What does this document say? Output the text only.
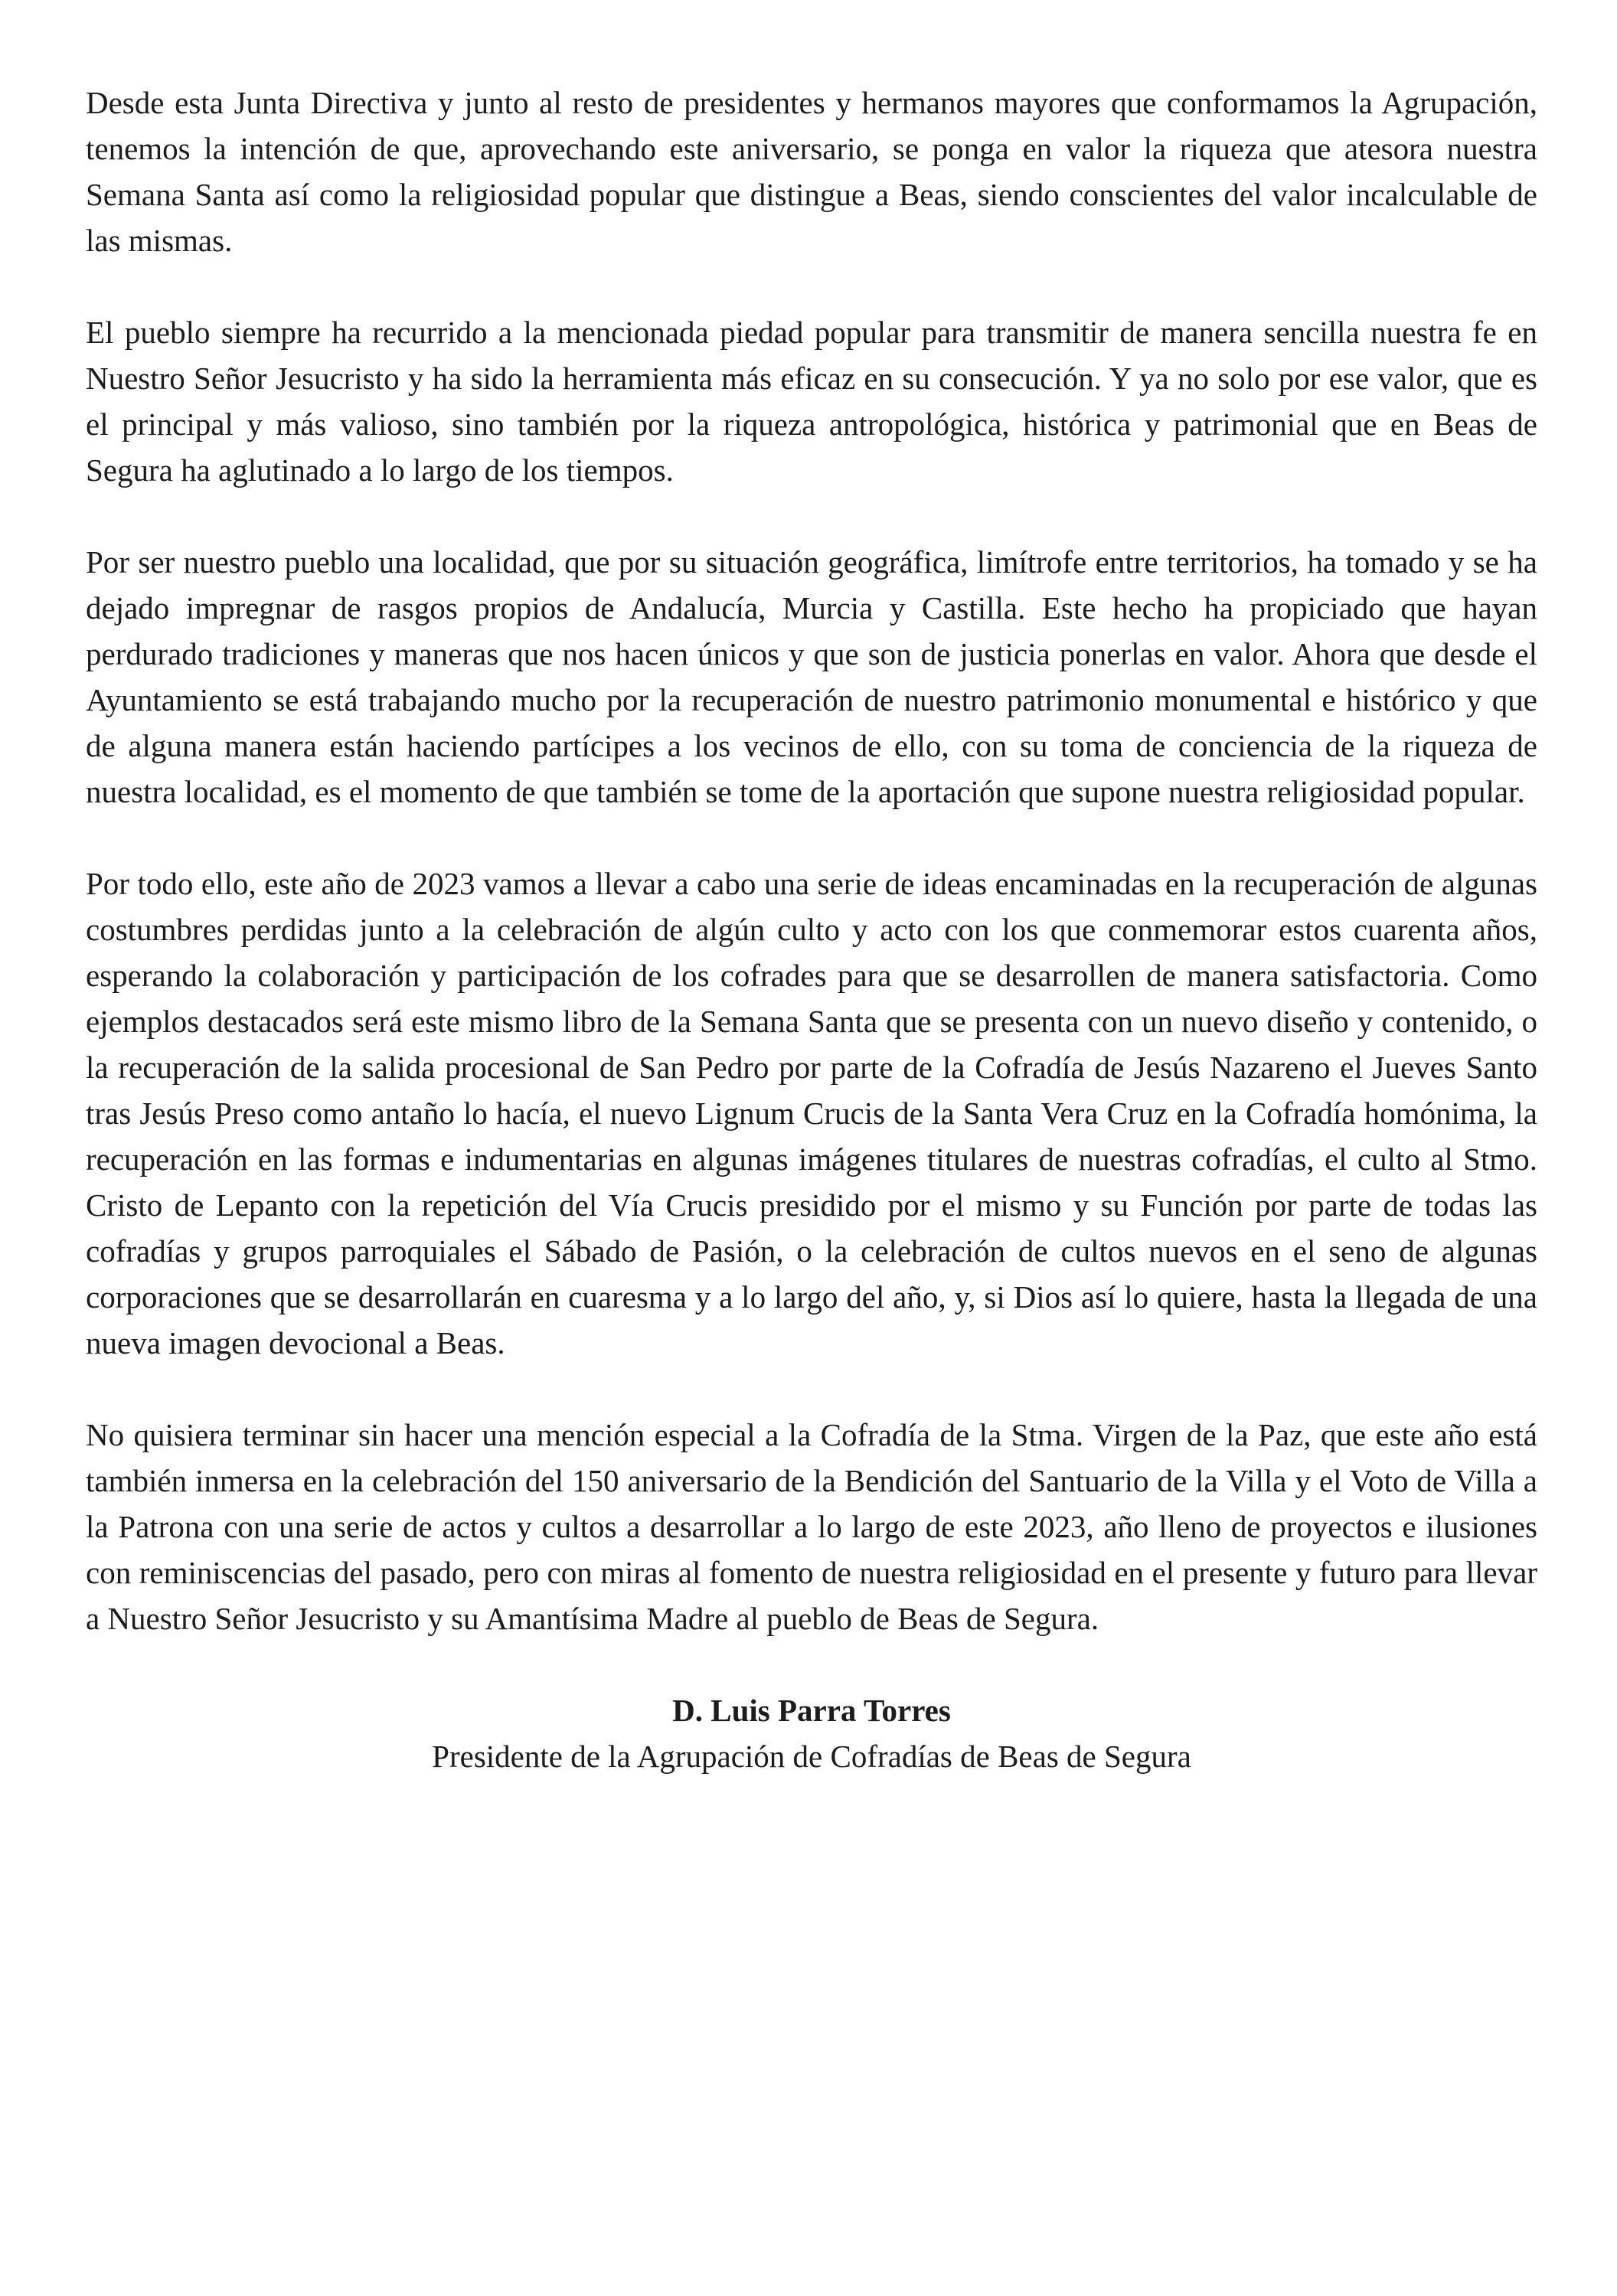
Desde esta Junta Directiva y junto al resto de presidentes y hermanos mayores que conformamos la Agrupación, tenemos la intención de que, aprovechando este aniversario, se ponga en valor la riqueza que atesora nuestra Semana Santa así como la religiosidad popular que distingue a Beas, siendo conscientes del valor incalculable de las mismas.

El pueblo siempre ha recurrido a la mencionada piedad popular para transmitir de manera sencilla nuestra fe en Nuestro Señor Jesucristo y ha sido la herramienta más eficaz en su consecución. Y ya no solo por ese valor, que es el principal y más valioso, sino también por la riqueza antropológica, histórica y patrimonial que en Beas de Segura ha aglutinado a lo largo de los tiempos.

Por ser nuestro pueblo una localidad, que por su situación geográfica, limítrofe entre territorios, ha tomado y se ha dejado impregnar de rasgos propios de Andalucía, Murcia y Castilla. Este hecho ha propiciado que hayan perdurado tradiciones y maneras que nos hacen únicos y que son de justicia ponerlas en valor. Ahora que desde el Ayuntamiento se está trabajando mucho por la recuperación de nuestro patrimonio monumental e histórico y que de alguna manera están haciendo partícipes a los vecinos de ello, con su toma de conciencia de la riqueza de nuestra localidad, es el momento de que también se tome de la aportación que supone nuestra religiosidad popular.

Por todo ello, este año de 2023 vamos a llevar a cabo una serie de ideas encaminadas en la recuperación de algunas costumbres perdidas junto a la celebración de algún culto y acto con los que conmemorar estos cuarenta años, esperando la colaboración y participación de los cofrades para que se desarrollen de manera satisfactoria. Como ejemplos destacados será este mismo libro de la Semana Santa que se presenta con un nuevo diseño y contenido, o la recuperación de la salida procesional de San Pedro por parte de la Cofradía de Jesús Nazareno el Jueves Santo tras Jesús Preso como antaño lo hacía, el nuevo Lignum Crucis de la Santa Vera Cruz en la Cofradía homónima, la recuperación en las formas e indumentarias en algunas imágenes titulares de nuestras cofradías, el culto al Stmo. Cristo de Lepanto con la repetición del Vía Crucis presidido por el mismo y su Función por parte de todas las cofradías y grupos parroquiales el Sábado de Pasión, o la celebración de cultos nuevos en el seno de algunas corporaciones que se desarrollarán en cuaresma y a lo largo del año, y, si Dios así lo quiere, hasta la llegada de una nueva imagen devocional a Beas.

No quisiera terminar sin hacer una mención especial a la Cofradía de la Stma. Virgen de la Paz, que este año está también inmersa en la celebración del 150 aniversario de la Bendición del Santuario de la Villa y el Voto de Villa a la Patrona con una serie de actos y cultos a desarrollar a lo largo de este 2023, año lleno de proyectos e ilusiones con reminiscencias del pasado, pero con miras al fomento de nuestra religiosidad en el presente y futuro para llevar a Nuestro Señor Jesucristo y su Amantísima Madre al pueblo de Beas de Segura.

D. Luis Parra Torres
Presidente de la Agrupación de Cofradías de Beas de Segura
